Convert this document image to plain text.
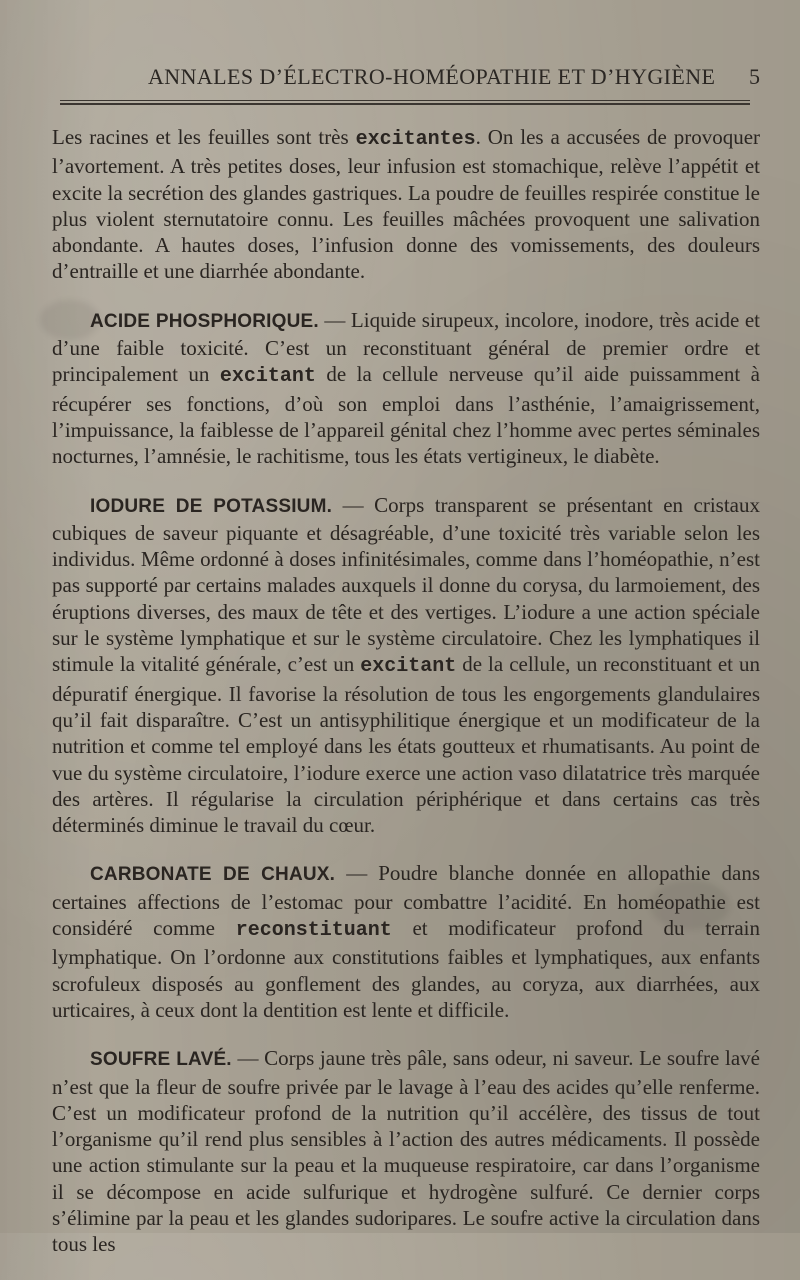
ANNALES D’ÉLECTRO-HOMÉOPATHIE ET D’HYGIÈNE 5

Les racines et les feuilles sont très excitantes. On les a accusées de provoquer l’avortement. A très petites doses, leur infusion est stomachique, relève l’appétit et excite la secrétion des glandes gastriques. La poudre de feuilles respirée constitue le plus violent sternutatoire connu. Les feuilles mâchées provoquent une salivation abondante. A hautes doses, l’infusion donne des vomissements, des douleurs d’entraille et une diarrhée abondante.

ACIDE PHOSPHORIQUE. — Liquide sirupeux, incolore, inodore, très acide et d’une faible toxicité. C’est un reconstituant général de premier ordre et principalement un excitant de la cellule nerveuse qu’il aide puissamment à récupérer ses fonctions, d’où son emploi dans l’asthénie, l’amaigrissement, l’impuissance, la faiblesse de l’appareil génital chez l’homme avec pertes séminales nocturnes, l’amnésie, le rachitisme, tous les états vertigineux, le diabète.

IODURE DE POTASSIUM. — Corps transparent se présentant en cristaux cubiques de saveur piquante et désagréable, d’une toxicité très variable selon les individus. Même ordonné à doses infinitésimales, comme dans l’homéopathie, n’est pas supporté par certains malades auxquels il donne du corysa, du larmoiement, des éruptions diverses, des maux de tête et des vertiges. L’iodure a une action spéciale sur le système lymphatique et sur le système circulatoire. Chez les lymphatiques il stimule la vitalité générale, c’est un excitant de la cellule, un reconstituant et un dépuratif énergique. Il favorise la résolution de tous les engorgements glandulaires qu’il fait disparaître. C’est un antisyphilitique énergique et un modificateur de la nutrition et comme tel employé dans les états goutteux et rhumatisants. Au point de vue du système circulatoire, l’iodure exerce une action vaso dilatatrice très marquée des artères. Il régularise la circulation périphérique et dans certains cas très déterminés diminue le travail du cœur.

CARBONATE DE CHAUX. — Poudre blanche donnée en allopathie dans certaines affections de l’estomac pour combattre l’acidité. En homéopathie est considéré comme reconstituant et modificateur profond du terrain lymphatique. On l’ordonne aux constitutions faibles et lymphatiques, aux enfants scrofuleux disposés au gonflement des glandes, au coryza, aux diarrhées, aux urticaires, à ceux dont la dentition est lente et difficile.

SOUFRE LAVÉ. — Corps jaune très pâle, sans odeur, ni saveur. Le soufre lavé n’est que la fleur de soufre privée par le lavage à l’eau des acides qu’elle renferme. C’est un modificateur profond de la nutrition qu’il accélère, des tissus de tout l’organisme qu’il rend plus sensibles à l’action des autres médicaments. Il possède une action stimulante sur la peau et la muqueuse respiratoire, car dans l’organisme il se décompose en acide sulfurique et hydrogène sulfuré. Ce dernier corps s’élimine par la peau et les glandes sudoripares. Le soufre active la circulation dans tous les
